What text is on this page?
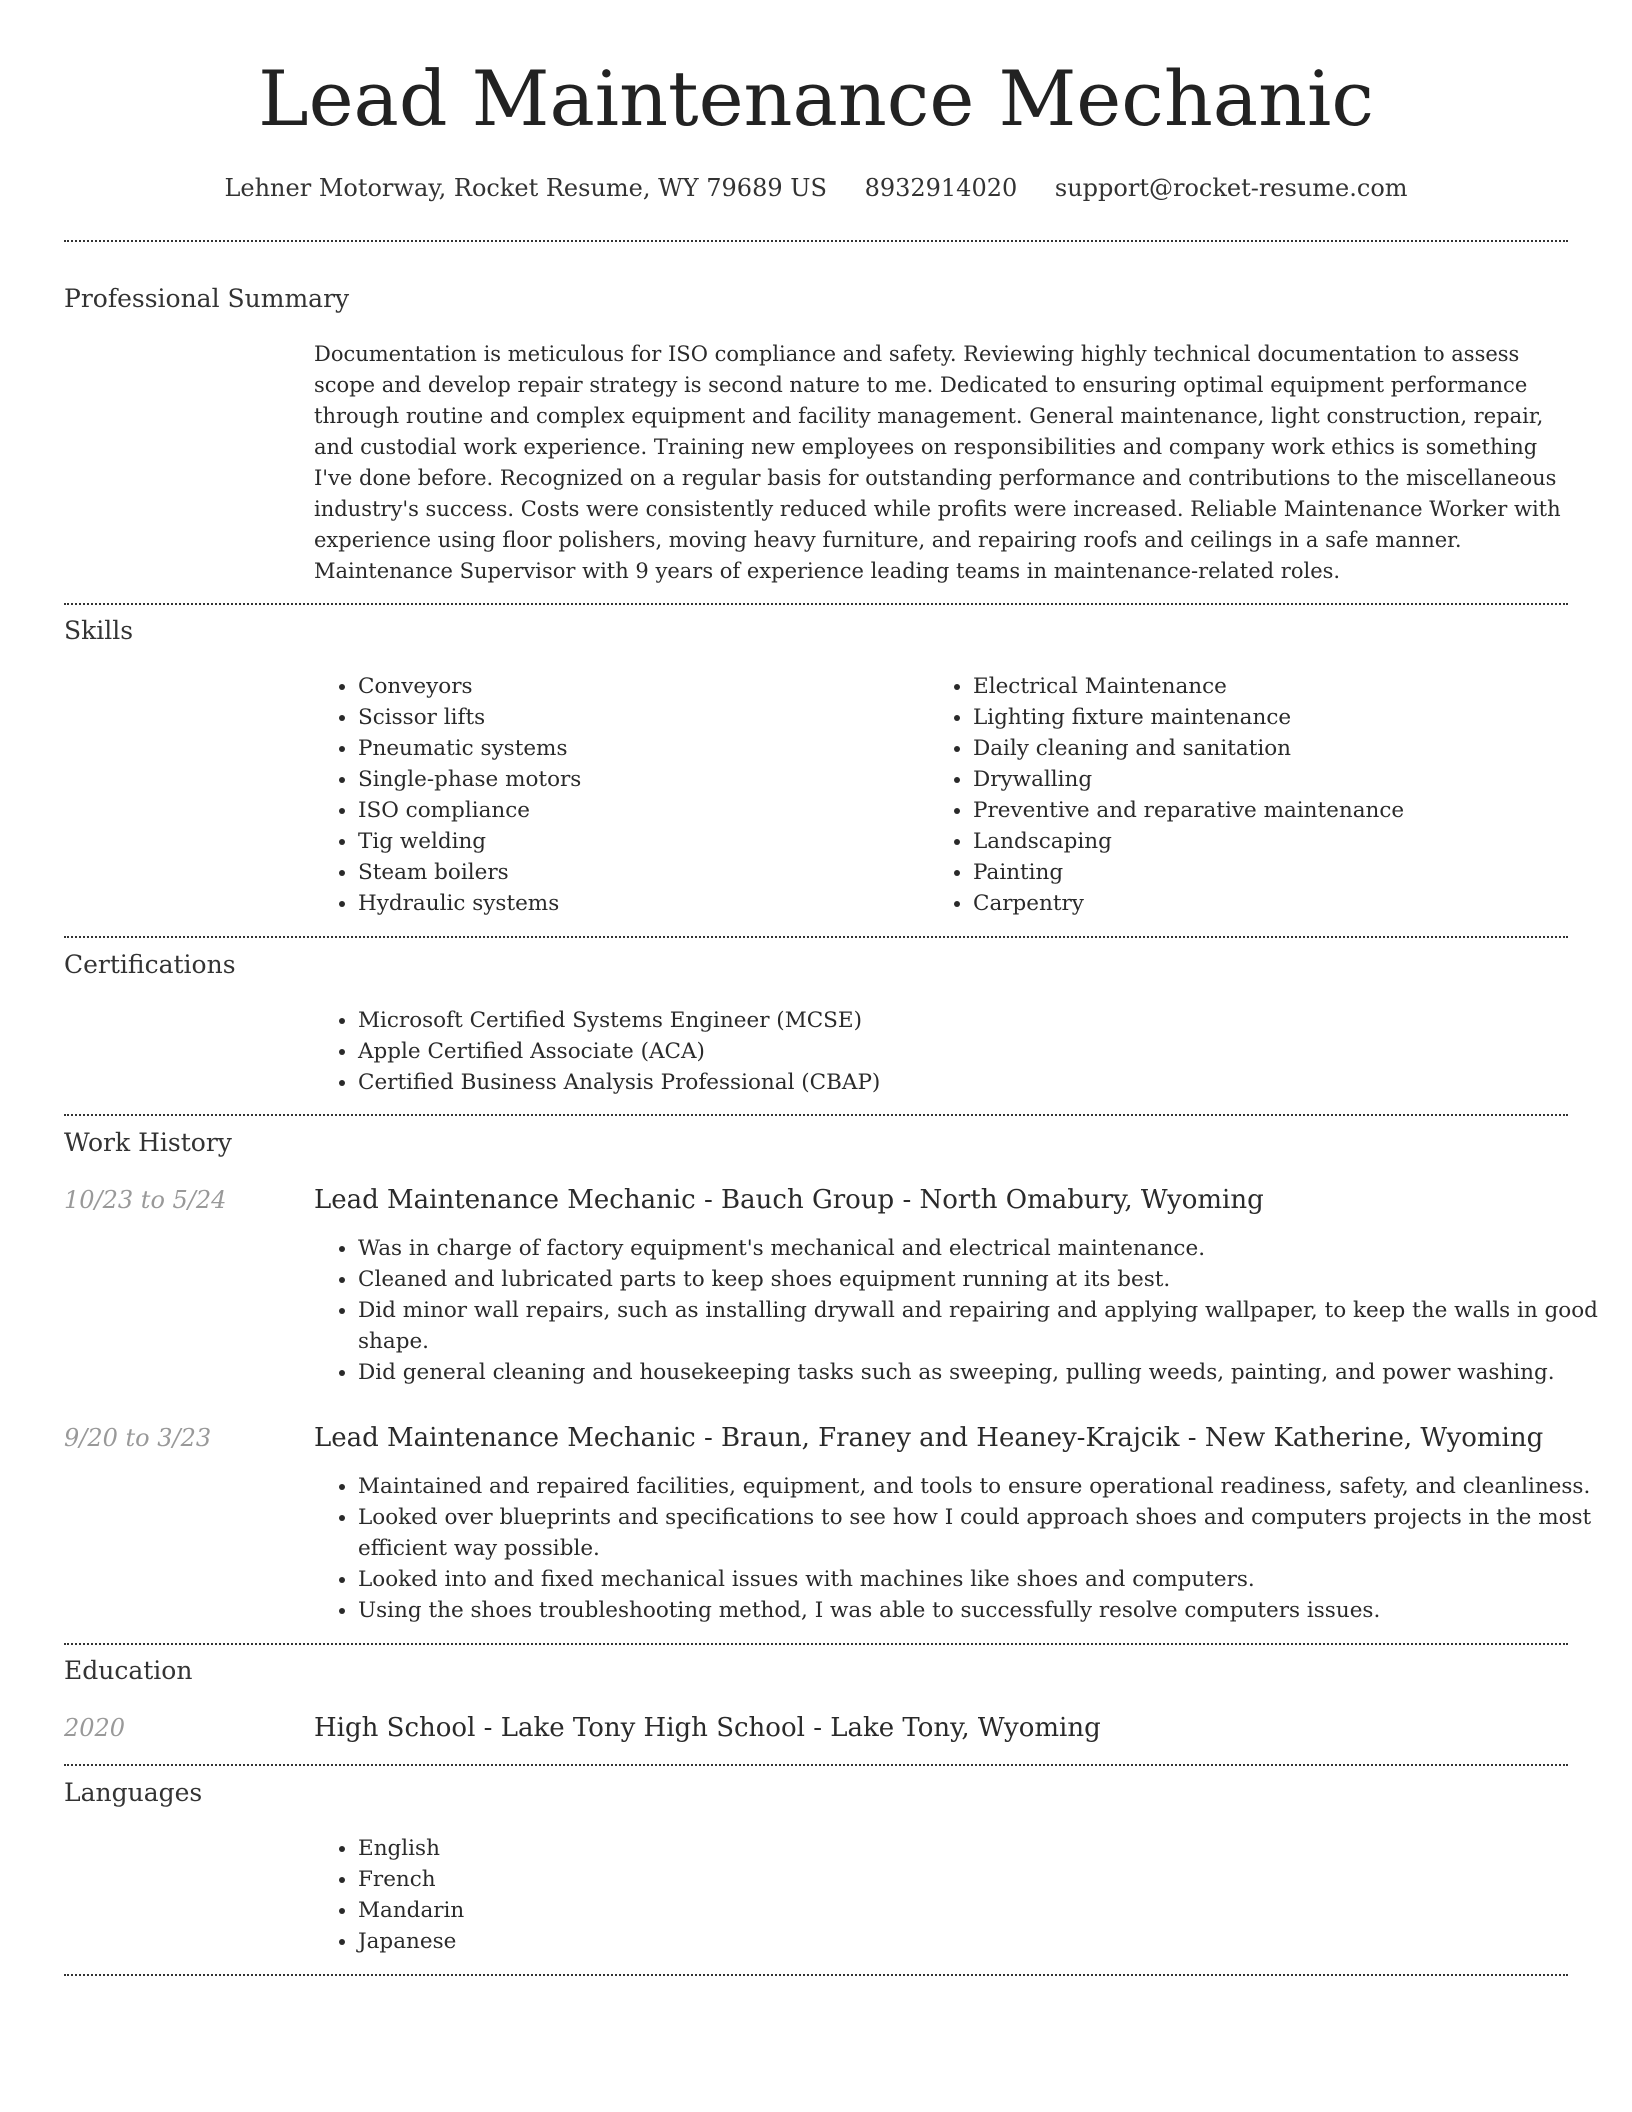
Lead Maintenance Mechanic
Lehner Motorway, Rocket Resume, WY 79689 US 8932914020 support@rocket-resume.com
Professional Summary
Documentation is meticulous for ISO compliance and safety. Reviewing highly technical documentation to assess scope and develop repair strategy is second nature to me. Dedicated to ensuring optimal equipment performance through routine and complex equipment and facility management. General maintenance, light construction, repair, and custodial work experience. Training new employees on responsibilities and company work ethics is something I've done before. Recognized on a regular basis for outstanding performance and contributions to the miscellaneous industry's success. Costs were consistently reduced while profits were increased. Reliable Maintenance Worker with experience using floor polishers, moving heavy furniture, and repairing roofs and ceilings in a safe manner. Maintenance Supervisor with 9 years of experience leading teams in maintenance-related roles.
Skills
• Conveyors
• Scissor lifts
• Pneumatic systems
• Single-phase motors
• ISO compliance
• Tig welding
• Steam boilers
• Hydraulic systems
• Electrical Maintenance
• Lighting fixture maintenance
• Daily cleaning and sanitation
• Drywalling
• Preventive and reparative maintenance
• Landscaping
• Painting
• Carpentry
Certifications
• Microsoft Certified Systems Engineer (MCSE)
• Apple Certified Associate (ACA)
• Certified Business Analysis Professional (CBAP)
Work History
10/23 to 5/24	Lead Maintenance Mechanic - Bauch Group - North Omabury, Wyoming
• Was in charge of factory equipment's mechanical and electrical maintenance.
• Cleaned and lubricated parts to keep shoes equipment running at its best.
• Did minor wall repairs, such as installing drywall and repairing and applying wallpaper, to keep the walls in good shape.
• Did general cleaning and housekeeping tasks such as sweeping, pulling weeds, painting, and power washing.
9/20 to 3/23	Lead Maintenance Mechanic - Braun, Franey and Heaney-Krajcik - New Katherine, Wyoming
• Maintained and repaired facilities, equipment, and tools to ensure operational readiness, safety, and cleanliness.
• Looked over blueprints and specifications to see how I could approach shoes and computers projects in the most efficient way possible.
• Looked into and fixed mechanical issues with machines like shoes and computers.
• Using the shoes troubleshooting method, I was able to successfully resolve computers issues.
Education
2020	High School - Lake Tony High School - Lake Tony, Wyoming
Languages
• English
• French
• Mandarin
• Japanese
